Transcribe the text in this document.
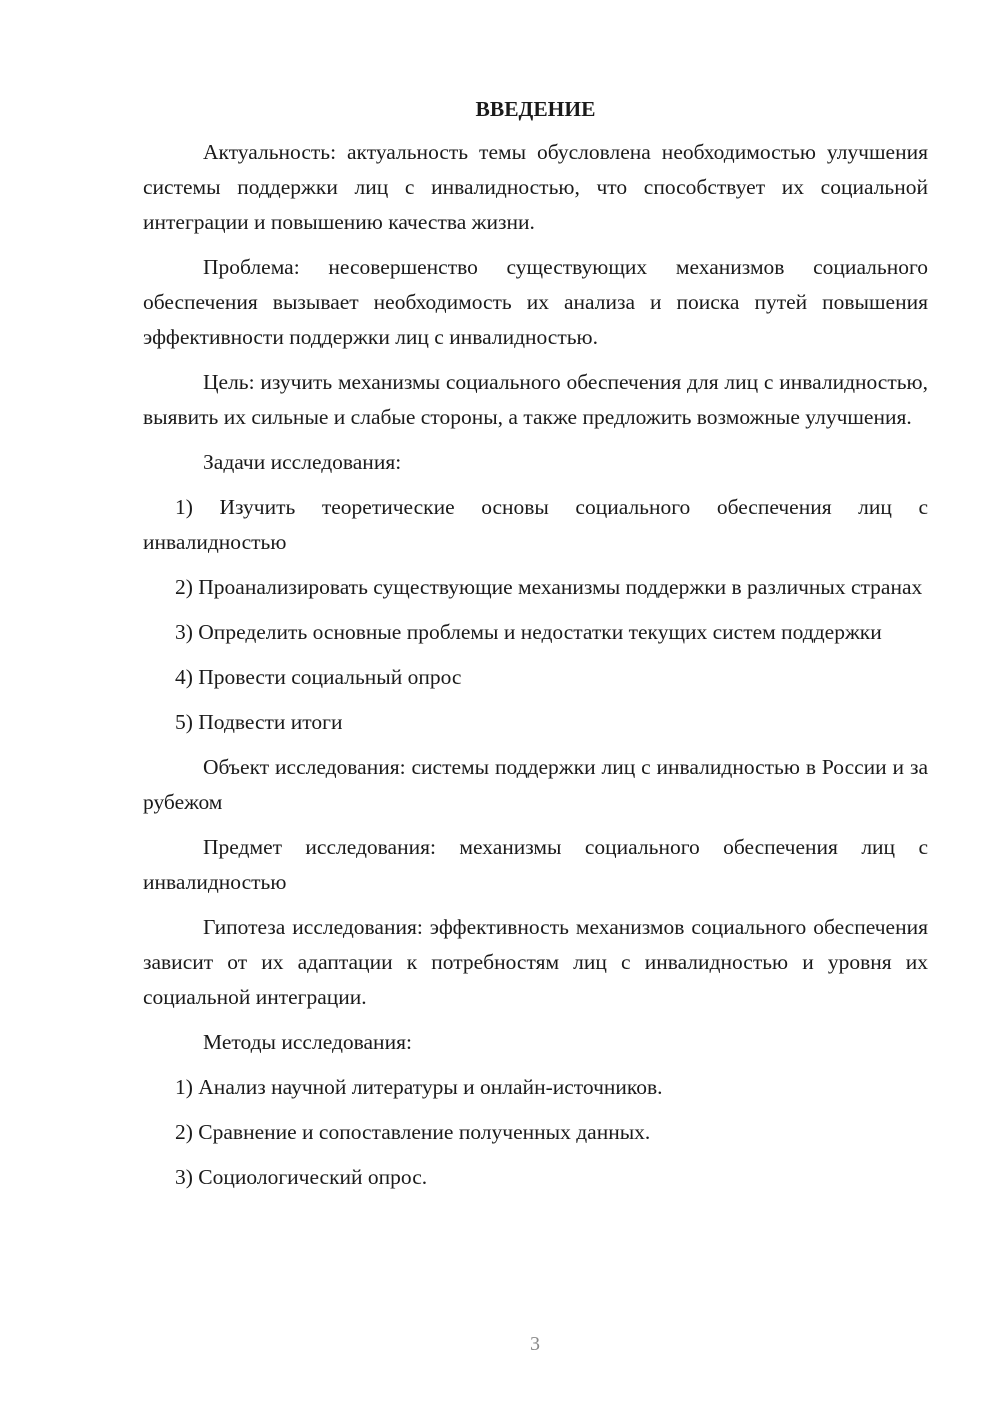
ВВЕДЕНИЕ

Актуальность: актуальность темы обусловлена необходимостью улучшения системы поддержки лиц с инвалидностью, что способствует их социальной интеграции и повышению качества жизни.

Проблема: несовершенство существующих механизмов социального обеспечения вызывает необходимость их анализа и поиска путей повышения эффективности поддержки лиц с инвалидностью.

Цель: изучить механизмы социального обеспечения для лиц с инвалидностью, выявить их сильные и слабые стороны, а также предложить возможные улучшения.

Задачи исследования:

1) Изучить теоретические основы социального обеспечения лиц с инвалидностью

2) Проанализировать существующие механизмы поддержки в различных странах

3) Определить основные проблемы и недостатки текущих систем поддержки

4) Провести социальный опрос

5) Подвести итоги

Объект исследования: системы поддержки лиц с инвалидностью в России и за рубежом

Предмет исследования: механизмы социального обеспечения лиц с инвалидностью

Гипотеза исследования: эффективность механизмов социального обеспечения зависит от их адаптации к потребностям лиц с инвалидностью и уровня их социальной интеграции.

Методы исследования:

1) Анализ научной литературы и онлайн-источников.

2) Сравнение и сопоставление полученных данных.

3) Социологический опрос.

3
